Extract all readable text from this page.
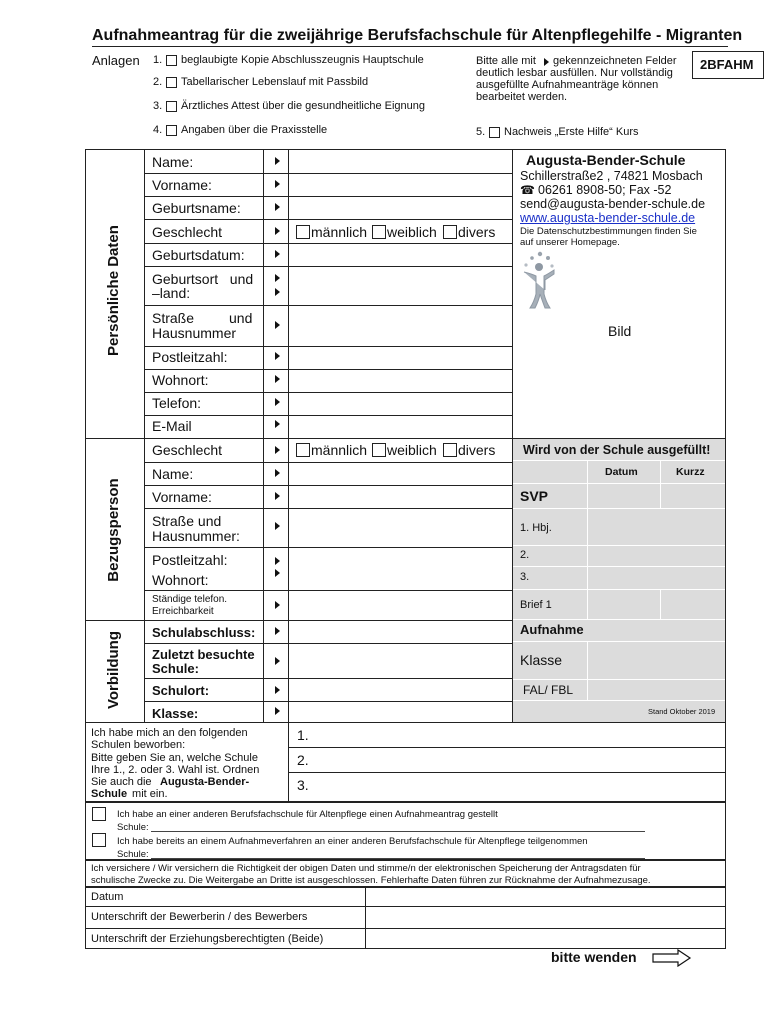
Aufnahmeantrag für die zweijährige Berufsfachschule für Altenpflegehilfe - Migranten
Anlagen 1. beglaubigte Kopie Abschlusszeugnis Hauptschule
2. Tabellarischer Lebenslauf mit Passbild
3. Ärztliches Attest über die gesundheitliche Eignung
4. Angaben über die Praxisstelle	5. Nachweis „Erste Hilfe“ Kurs
Bitte alle mit gekennzeichneten Felder
deutlich lesbar ausfüllen. Nur vollständig
ausgefüllte Aufnahmeanträge können
bearbeitet werden.
2BFAHM
Persönliche Daten
Bezugsperson
Vorbildung
Name:
Vorname:
Geburtsname:
Geschlecht
Geburtsdatum:
Geburtsort   und
–land:
Straße         und
Hausnummer
Postleitzahl:
Wohnort:
Telefon:
E-Mail
männlich weiblich divers
Augusta-Bender-Schule
Schillerstraße2 , 74821 Mosbach
☎ 06261 8908-50; Fax -52
send@augusta-bender-schule.de
www.augusta-bender-schule.de
Die Datenschutzbestimmungen finden Sie
auf unserer Homepage.
Bild
Geschlecht
Name:
Vorname:
Straße und
Hausnummer:
Postleitzahl:
Wohnort:
Ständige telefon.
Erreichbarkeit
männlich weiblich divers
Schulabschluss:
Zuletzt besuchte
Schule:
Schulort:
Klasse:
Wird von der Schule ausgefüllt!
Datum	Kurzz
SVP
1. Hbj.
2.
3.
Brief 1
Aufnahme
Klasse
FAL/ FBL
Stand Oktober 2019
Ich habe mich an den folgenden
Schulen beworben:
Bitte geben Sie an, welche Schule
Ihre 1., 2. oder 3. Wahl ist. Ordnen
Sie auch die Augusta-Bender-
Schule mit ein.
1.
2.
3.
Ich habe an einer anderen Berufsfachschule für Altenpflege einen Aufnahmeantrag gestellt
Schule:
Ich habe bereits an einem Aufnahmeverfahren an einer anderen Berufsfachschule für Altenpflege teilgenommen
Schule:
Ich versichere / Wir versichern die Richtigkeit der obigen Daten und stimme/n der elektronischen Speicherung der Antragsdaten für
schulische Zwecke zu. Die Weitergabe an Dritte ist ausgeschlossen. Fehlerhafte Daten führen zur Rücknahme der Aufnahmezusage.
Datum
Unterschrift der Bewerberin / des Bewerbers
Unterschrift der Erziehungsberechtigten (Beide)
bitte wenden
